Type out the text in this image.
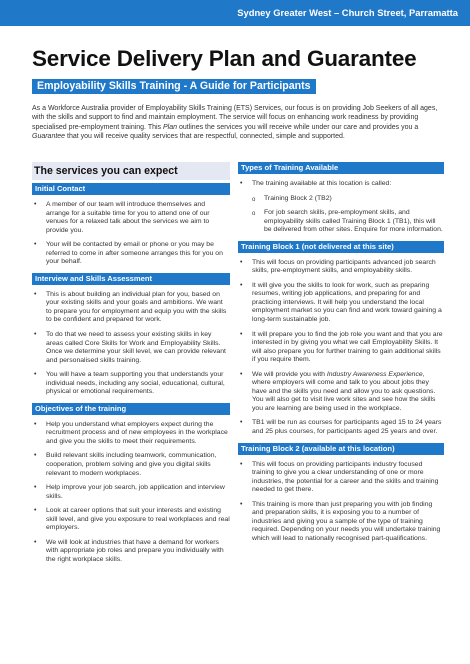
Sydney Greater West – Church Street, Parramatta
Service Delivery Plan and Guarantee
Employability Skills Training - A Guide for Participants
As a Workforce Australia provider of Employability Skills Training (ETS) Services, our focus is on providing Job Seekers of all ages, with the skills and support to find and maintain employment. The service will focus on enhancing work readiness by providing specialised pre-employment training. This Plan outlines the services you will receive while under our care and provides you a Guarantee that you will receive quality services that are respectful, connected, simple and supported.
The services you can expect
Initial Contact
• A member of our team will introduce themselves and arrange for a suitable time for you to attend one of our venues for a relaxed talk about the services we aim to provide you.
• Your will be contacted by email or phone or you may be referred to come in after someone arranges this for you on your behalf.
Interview and Skills Assessment
• This is about building an individual plan for you, based on your existing skills and your goals and ambitions. We want to prepare you for employment and equip you with the skills to be confident and prepared for work.
• To do that we need to assess your existing skills in key areas called Core Skills for Work and Employability Skills. Once we determine your skill level, we can provide relevant and personalised skills training.
• You will have a team supporting you that understands your individual needs, including any social, educational, cultural, physical or emotional requirements.
Objectives of the training
• Help you understand what employers expect during the recruitment process and of new employees in the workplace and give you the skills to meet their requirements.
• Build relevant skills including teamwork, communication, cooperation, problem solving and give you digital skills relevant to modern workplaces.
• Help improve your job search, job application and interview skills.
• Look at career options that suit your interests and existing skill level, and give you exposure to real workplaces and real employers.
• We will look at industries that have a demand for workers with appropriate job roles and prepare you individually with the right workplace skills.
Types of Training Available
• The training available at this location is called:
o Training Block 2 (TB2)
o For job search skills, pre-employment skills, and employability skills called Training Block 1 (TB1), this will be delivered from other sites. Enquire for more information.
Training Block 1 (not delivered at this site)
• This will focus on providing participants advanced job search skills, pre-employment skills, and employability skills.
• It will give you the skills to look for work, such as preparing resumes, writing job applications, and preparing for and practicing interviews. It will help you understand the local employment market so you can find and work toward gaining a long-term sustainable job.
• It will prepare you to find the job role you want and that you are interested in by giving you what we call Employability Skills. It will also prepare you for further training to gain additional skills if you require them.
• We will provide you with Industry Awareness Experience, where employers will come and talk to you about jobs they have and the skills you need and allow you to ask questions. You will also get to visit live work sites and see how the skills you are learning are being used in the workplace.
• TB1 will be run as courses for participants aged 15 to 24 years and 25 plus courses, for participants aged 25 years and over.
Training Block 2 (available at this location)
• This will focus on providing participants industry focused training to give you a clear understanding of one or more industries, the potential for a career and the skills and training needed to get there.
• This training is more than just preparing you with job finding and preparation skills, it is exposing you to a number of industries and giving you a sample of the type of training required. Depending on your needs you will undertake training which will lead to nationally recognised part-qualifications.
